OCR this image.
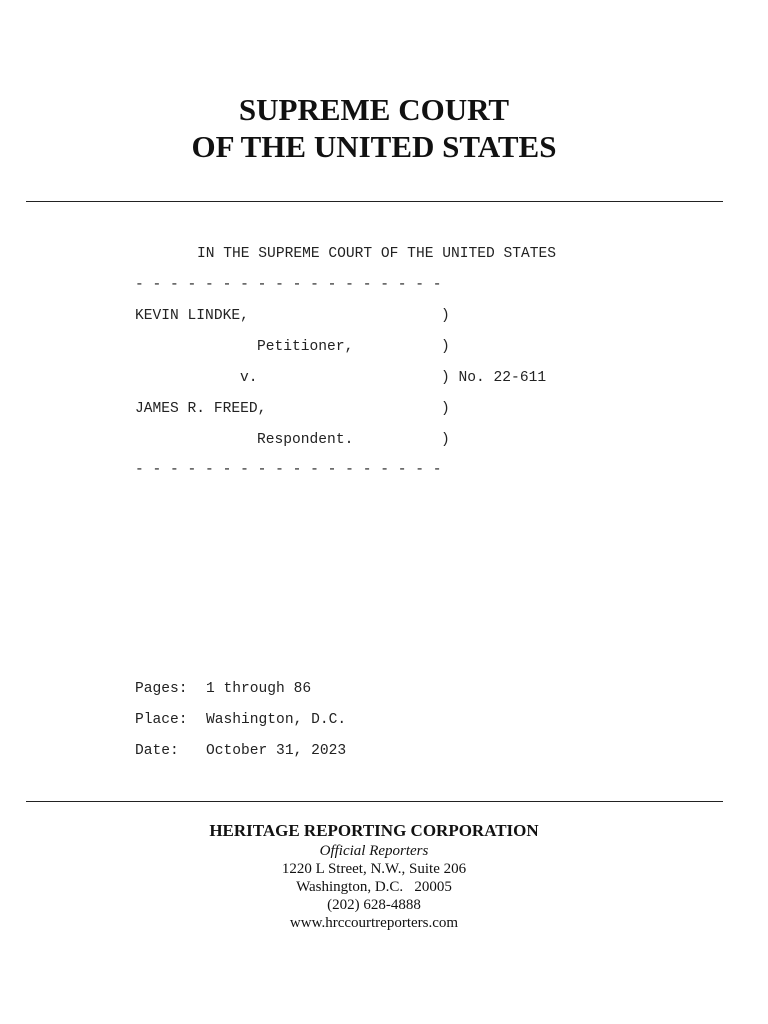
SUPREME COURT
OF THE UNITED STATES
IN THE SUPREME COURT OF THE UNITED STATES
- - - - - - - - - - - - - - - - - -
KEVIN LINDKE,	)
Petitioner,	)
v.	) No. 22-611
JAMES R. FREED,	)
Respondent.	)
- - - - - - - - - - - - - - - - - -
Pages: 1 through 86
Place: Washington, D.C.
Date: October 31, 2023
HERITAGE REPORTING CORPORATION
Official Reporters
1220 L Street, N.W., Suite 206
Washington, D.C.   20005
(202) 628-4888
www.hrccourtreporters.com
